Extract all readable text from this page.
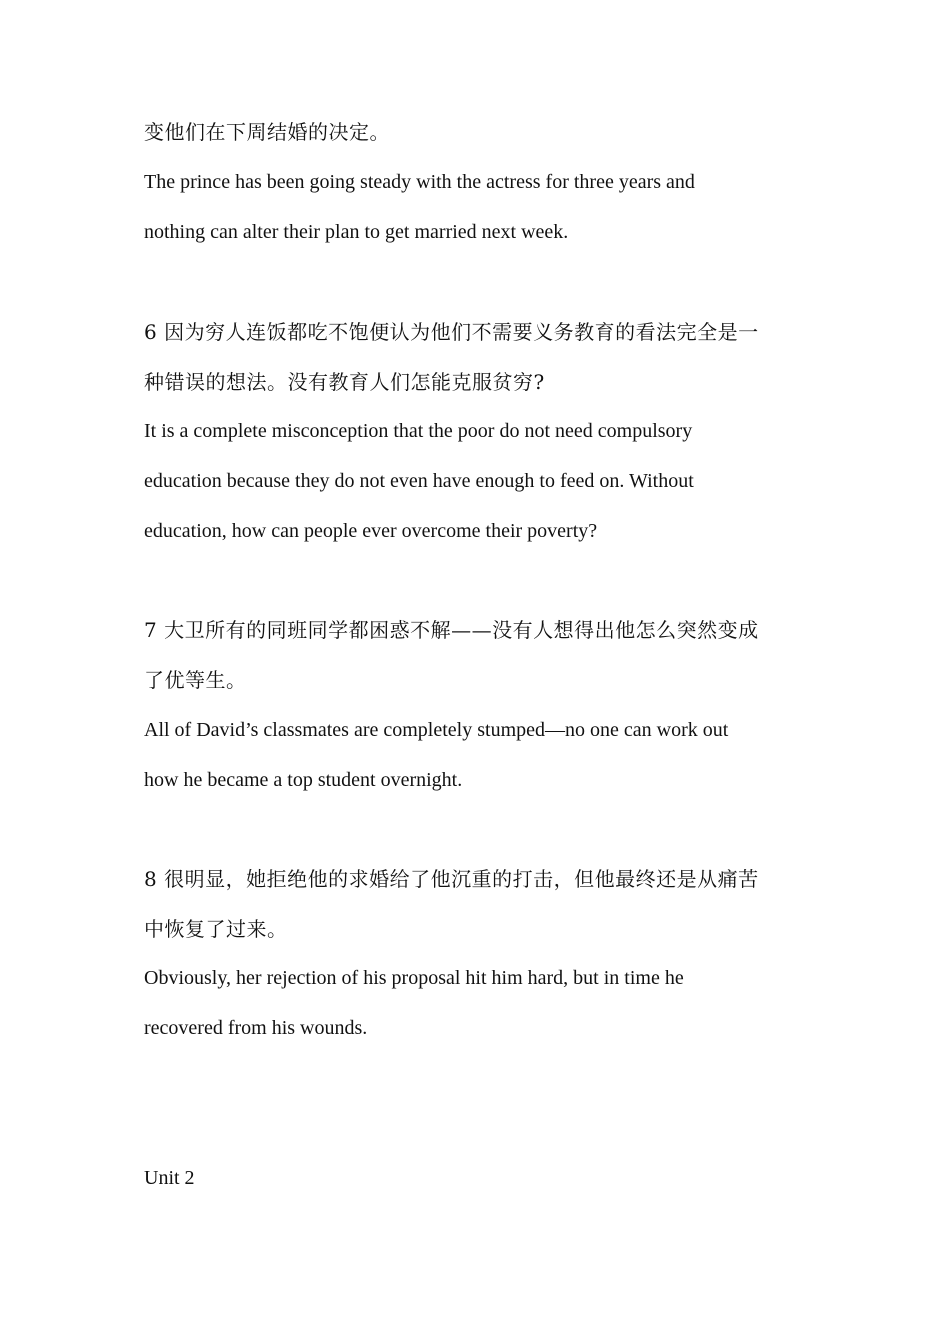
变他们在下周结婚的决定。
The prince has been going steady with the actress for three years and
nothing can alter their plan to get married next week.
6 因为穷人连饭都吃不饱便认为他们不需要义务教育的看法完全是一
种错误的想法。没有教育人们怎能克服贫穷?
It is a complete misconception that the poor do not need compulsory
education because they do not even have enough to feed on. Without
education, how can people ever overcome their poverty?
7 大卫所有的同班同学都困惑不解——没有人想得出他怎么突然变成
了优等生。
All of David’s classmates are completely stumped—no one can work out
how he became a top student overnight.
8 很明显，她拒绝他的求婚给了他沉重的打击，但他最终还是从痛苦
中恢复了过来。
Obviously, her rejection of his proposal hit him hard, but in time he
recovered from his wounds.
Unit 2
